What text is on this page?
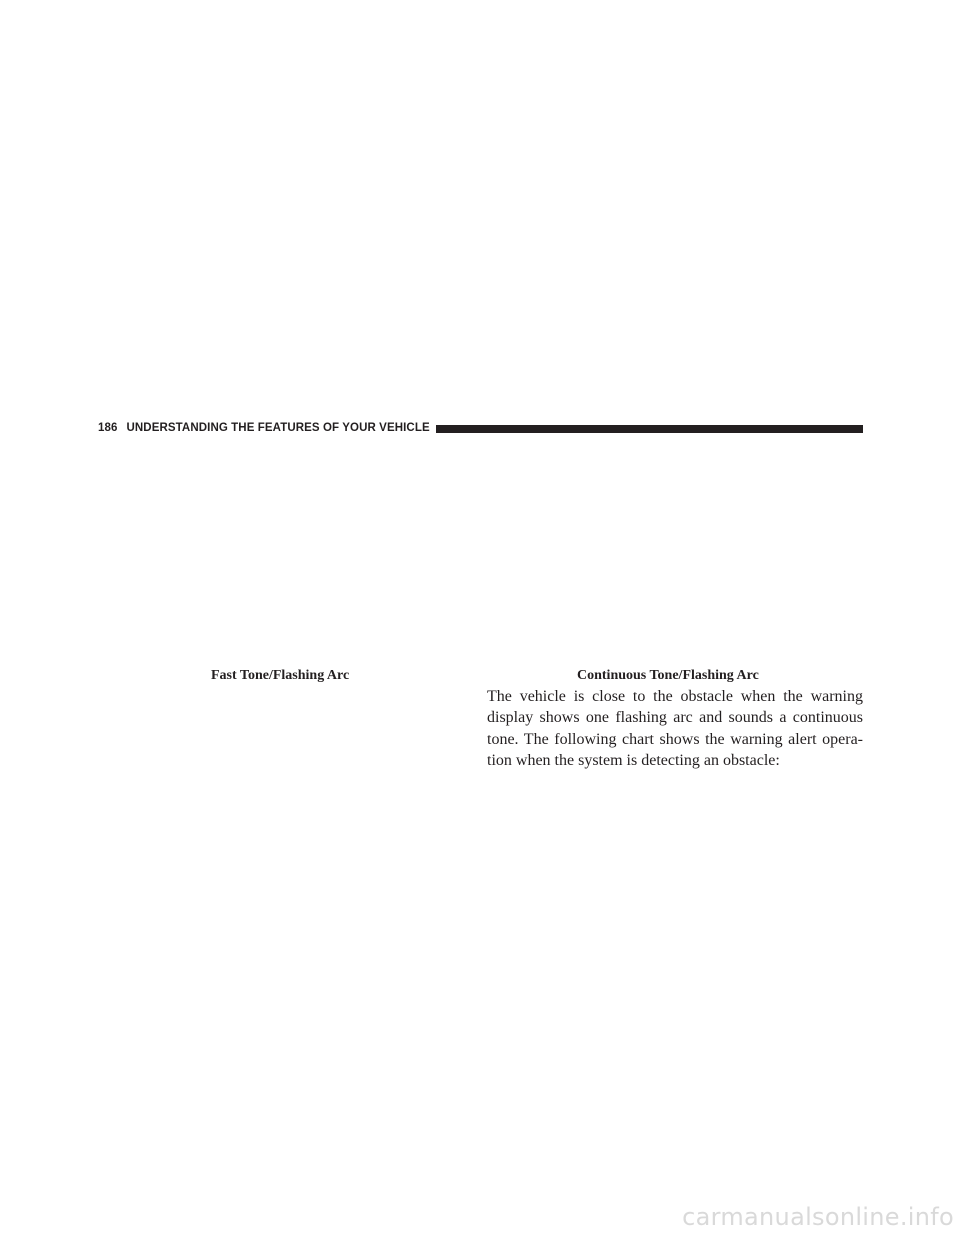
186 UNDERSTANDING THE FEATURES OF YOUR VEHICLE
Fast Tone/Flashing Arc	Continuous Tone/Flashing Arc

The vehicle is close to the obstacle when the warning display shows one flashing arc and sounds a continuous tone. The following chart shows the warning alert opera- tion when the system is detecting an obstacle:

carmanualsonline.info
